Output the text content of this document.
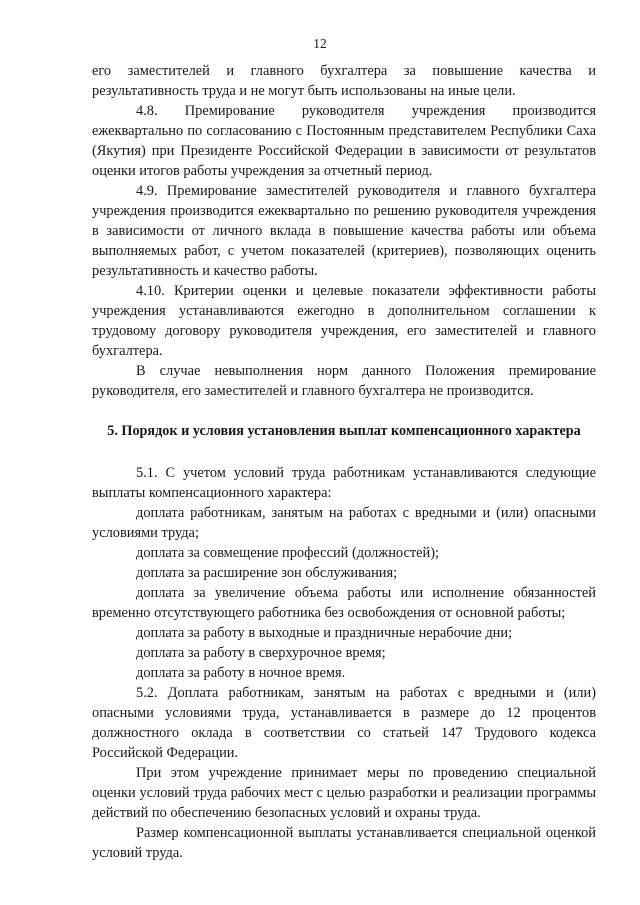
12

его заместителей и главного бухгалтера за повышение качества и результативность труда и не могут быть использованы на иные цели.

4.8. Премирование руководителя учреждения производится ежеквартально по согласованию с Постоянным представителем Республики Саха (Якутия) при Президенте Российской Федерации в зависимости от результатов оценки итогов работы учреждения за отчетный период.

4.9. Премирование заместителей руководителя и главного бухгалтера учреждения производится ежеквартально по решению руководителя учреждения в зависимости от личного вклада в повышение качества работы или объема выполняемых работ, с учетом показателей (критериев), позволяющих оценить результативность и качество работы.

4.10. Критерии оценки и целевые показатели эффективности работы учреждения устанавливаются ежегодно в дополнительном соглашении к трудовому договору руководителя учреждения, его заместителей и главного бухгалтера.

В случае невыполнения норм данного Положения премирование руководителя, его заместителей и главного бухгалтера не производится.

5. Порядок и условия установления выплат компенсационного характера

5.1. С учетом условий труда работникам устанавливаются следующие выплаты компенсационного характера:

доплата работникам, занятым на работах с вредными и (или) опасными условиями труда;

доплата за совмещение профессий (должностей);

доплата за расширение зон обслуживания;

доплата за увеличение объема работы или исполнение обязанностей временно отсутствующего работника без освобождения от основной работы;

доплата за работу в выходные и праздничные нерабочие дни;

доплата за работу в сверхурочное время;

доплата за работу в ночное время.

5.2. Доплата работникам, занятым на работах с вредными и (или) опасными условиями труда, устанавливается в размере до 12 процентов должностного оклада в соответствии со статьей 147 Трудового кодекса Российской Федерации.

При этом учреждение принимает меры по проведению специальной оценки условий труда рабочих мест с целью разработки и реализации программы действий по обеспечению безопасных условий и охраны труда.

Размер компенсационной выплаты устанавливается специальной оценкой условий труда.
